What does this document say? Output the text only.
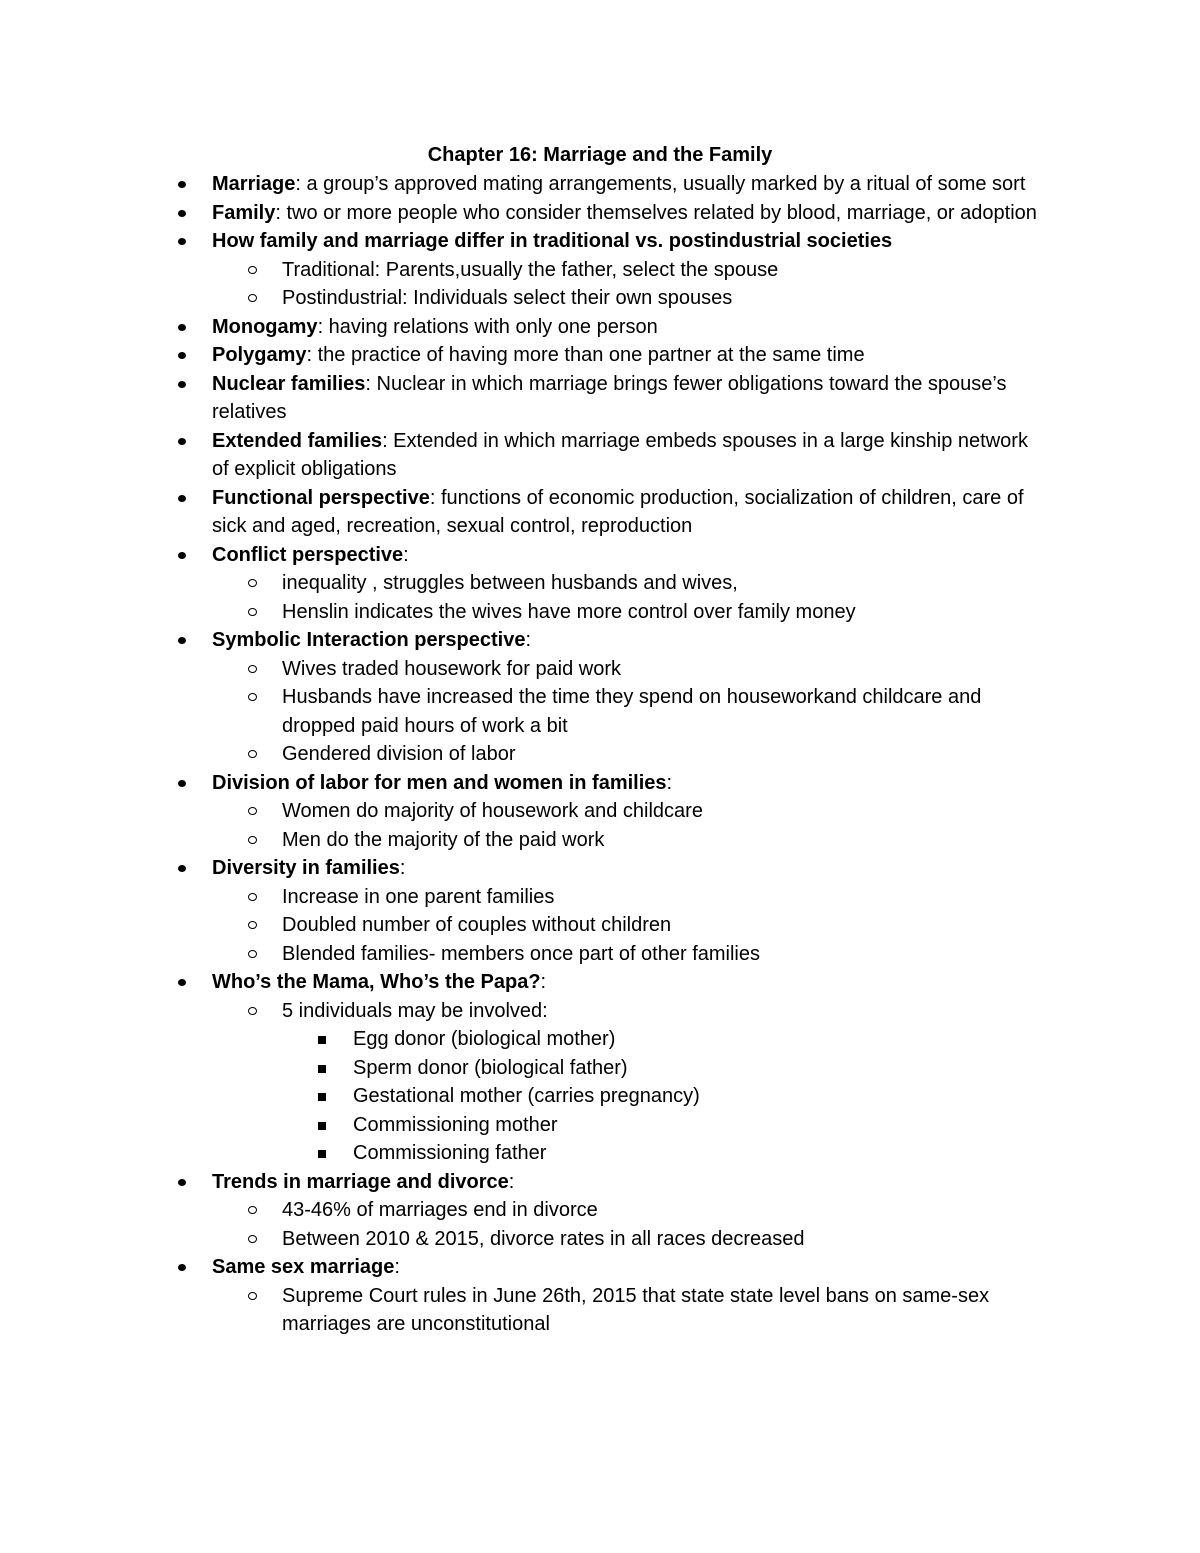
Chapter 16: Marriage and the Family
Marriage: a group’s approved mating arrangements, usually marked by a ritual of some sort
Family: two or more people who consider themselves related by blood, marriage, or adoption
How family and marriage differ in traditional vs. postindustrial societies
Traditional: Parents,usually the father, select the spouse
Postindustrial: Individuals select their own spouses
Monogamy: having relations with only one person
Polygamy: the practice of having more than one partner at the same time
Nuclear families: Nuclear in which marriage brings fewer obligations toward the spouse’s relatives
Extended families: Extended in which marriage embeds spouses in a large kinship network of explicit obligations
Functional perspective: functions of economic production, socialization of children, care of sick and aged, recreation, sexual control, reproduction
Conflict perspective:
inequality , struggles between husbands and wives,
Henslin indicates the wives have more control over family money
Symbolic Interaction perspective:
Wives traded housework for paid work
Husbands have increased the time they spend on houseworkand childcare and dropped paid hours of work a bit
Gendered division of labor
Division of labor for men and women in families:
Women do majority of housework and childcare
Men do the majority of the paid work
Diversity in families:
Increase in one parent families
Doubled number of couples without children
Blended families- members once part of other families
Who’s the Mama, Who’s the Papa?:
5 individuals may be involved:
Egg donor (biological mother)
Sperm donor (biological father)
Gestational mother (carries pregnancy)
Commissioning mother
Commissioning father
Trends in marriage and divorce:
43-46% of marriages end in divorce
Between 2010 & 2015, divorce rates in all races decreased
Same sex marriage:
Supreme Court rules in June 26th, 2015 that state state level bans on same-sex marriages are unconstitutional
